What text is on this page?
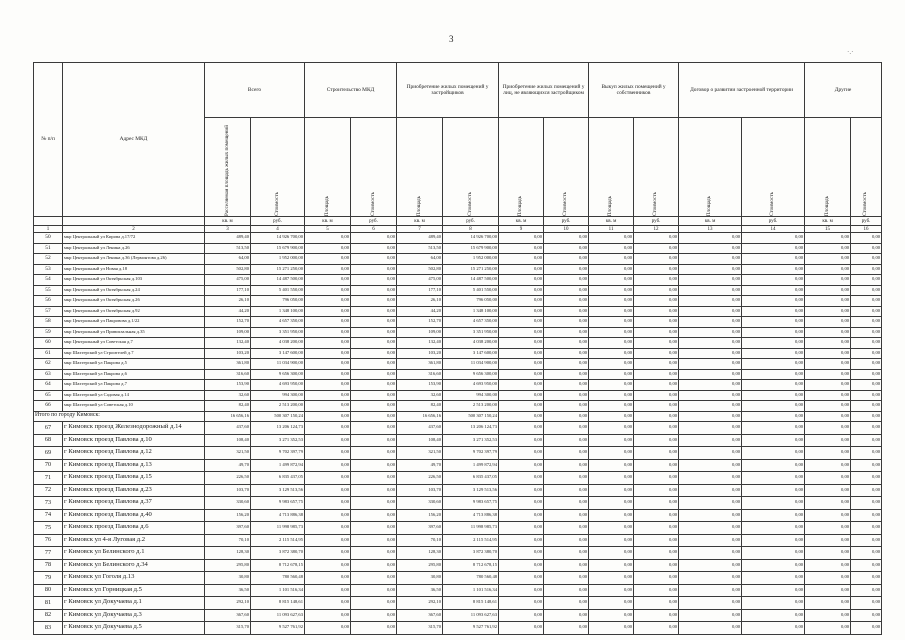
3
№ п/п	Адрес МКД	Всего		Строительство МКД		Приобретение жилых помещений у застройщиков		Приобретение жилых помещений у лиц, не являющихся застройщиком		Выкуп жилых помещений у собственников		Договор о развитии застроенной территории		Другие	

		Расселяемая площадь жилых помещений	Стоимость	Площадь	Стоимость	Площадь	Стоимость	Площадь	Стоимость	Площадь	Стоимость	Площадь	Стоимость	Площадь	Стоимость

		кв. м	руб.	кв. м	руб.	кв. м	руб.	кв. м	руб.	кв. м	руб.	кв. м	руб.	кв. м	руб.
1	2	3	4	5	6	7	8	9	10	11	12	13	14	15	16
50	мкр Центральный ул Кирова д.17/72	489,40	14 926 700,00	0,00	0,00	489,40	14 926 700,00	0,00	0,00	0,00	0,00	0,00	0,00	0,00	0,00
51	мкр Центральный ул Ленина д.26	513,50	15 679 900,00	0,00	0,00	513,50	15 679 900,00	0,00	0,00	0,00	0,00	0,00	0,00	0,00	0,00
52	мкр Центральный ул Ленина д.36 (Лермонтова д.26)	64,00	1 952 000,00	0,00	0,00	64,00	1 952 000,00	0,00	0,00	0,00	0,00	0,00	0,00	0,00	0,00
53	мкр Центральный ул Новая д.18	502,80	15 271 250,00	0,00	0,00	502,80	15 271 250,00	0,00	0,00	0,00	0,00	0,00	0,00	0,00	0,00
54	мкр Центральный ул Октябрьская д.103	475,00	14 487 500,00	0,00	0,00	475,00	14 487 500,00	0,00	0,00	0,00	0,00	0,00	0,00	0,00	0,00
55	мкр Центральный ул Октябрьская д.24	177,10	5 401 550,00	0,00	0,00	177,10	5 401 550,00	0,00	0,00	0,00	0,00	0,00	0,00	0,00	0,00
56	мкр Центральный ул Октябрьская д.26	26,10	796 050,00	0,00	0,00	26,10	796 050,00	0,00	0,00	0,00	0,00	0,00	0,00	0,00	0,00
57	мкр Центральный ул Октябрьская д.92	44,20	1 348 100,00	0,00	0,00	44,20	1 348 100,00	0,00	0,00	0,00	0,00	0,00	0,00	0,00	0,00
58	мкр Центральный ул Пакровова д.1/22	152,70	4 657 350,00	0,00	0,00	152,70	4 657 350,00	0,00	0,00	0,00	0,00	0,00	0,00	0,00	0,00
59	мкр Центральный ул Привокзальная д.35	109,00	3 351 950,00	0,00	0,00	109,00	3 351 950,00	0,00	0,00	0,00	0,00	0,00	0,00	0,00	0,00
60	мкр Центральный ул Советская д.7	132,40	4 038 200,00	0,00	0,00	132,40	4 038 200,00	0,00	0,00	0,00	0,00	0,00	0,00	0,00	0,00
61	мкр Шахтерский ул Строителей д.7	103,20	3 147 600,00	0,00	0,00	103,20	3 147 600,00	0,00	0,00	0,00	0,00	0,00	0,00	0,00	0,00
62	мкр Шахтерский ул Пакрова д.5	361,80	11 034 900,00	0,00	0,00	361,80	11 034 900,00	0,00	0,00	0,00	0,00	0,00	0,00	0,00	0,00
63	мкр Шахтерский ул Пакрова д.6	316,60	9 656 300,00	0,00	0,00	316,60	9 656 300,00	0,00	0,00	0,00	0,00	0,00	0,00	0,00	0,00
64	мкр Шахтерский ул Пакрова д.7	153,90	4 693 950,00	0,00	0,00	153,90	4 693 950,00	0,00	0,00	0,00	0,00	0,00	0,00	0,00	0,00
65	мкр Шахтерский ул Садовая д.14	32,60	994 300,00	0,00	0,00	32,60	994 300,00	0,00	0,00	0,00	0,00	0,00	0,00	0,00	0,00
66	мкр Шахтерский ул Советская д.10	82,40	2 513 200,00	0,00	0,00	82,40	2 513 200,00	0,00	0,00	0,00	0,00	0,00	0,00	0,00	0,00
Итого по городу Кимовск:		16 656,16	500 307 150,24	0,00	0,00	16 656,16	500 307 150,24	0,00	0,00	0,00	0,00	0,00	0,00	0,00	0,00
67	г Кимовск проезд Железнодорожный д.14	437,60	13 206 124,73	0,00	0,00	437,60	13 206 124,73	0,00	0,00	0,00	0,00	0,00	0,00	0,00	0,00
68	г Кимовск проезд Павлова д.10	108,40	3 271 352,53	0,00	0,00	108,40	3 271 352,53	0,00	0,00	0,00	0,00	0,00	0,00	0,00	0,00
69	г Кимовск проезд Павлова д.12	321,50	9 702 397,79	0,00	0,00	321,50	9 702 397,79	0,00	0,00	0,00	0,00	0,00	0,00	0,00	0,00
70	г Кимовск проезд Павлова д.13	49,70	1 499 872,94	0,00	0,00	49,70	1 499 872,94	0,00	0,00	0,00	0,00	0,00	0,00	0,00	0,00
71	г Кимовск проезд Павлова д.15	226,50	6 835 437,05	0,00	0,00	226,50	6 835 437,05	0,00	0,00	0,00	0,00	0,00	0,00	0,00	0,00
72	г Кимовск проезд Павлова д.23	103,70	3 129 513,56	0,00	0,00	103,70	3 129 513,56	0,00	0,00	0,00	0,00	0,00	0,00	0,00	0,00
73	г Кимовск проезд Павлова д.37	330,60	9 983 657,75	0,00	0,00	330,60	9 983 657,75	0,00	0,00	0,00	0,00	0,00	0,00	0,00	0,00
74	г Кимовск проезд Павлова д.40	156,20	4 713 886,38	0,00	0,00	156,20	4 713 886,38	0,00	0,00	0,00	0,00	0,00	0,00	0,00	0,00
75	г Кимовск проезд Павлова д.6	397,60	11 998 985,73	0,00	0,00	397,60	11 998 985,73	0,00	0,00	0,00	0,00	0,00	0,00	0,00	0,00
76	г Кимовск ул 4-я Луговая д.2	70,10	2 115 514,95	0,00	0,00	70,10	2 115 514,95	0,00	0,00	0,00	0,00	0,00	0,00	0,00	0,00
77	г Кимовск ул Белинского д.1	128,30	3 872 380,70	0,00	0,00	128,30	3 872 380,70	0,00	0,00	0,00	0,00	0,00	0,00	0,00	0,00
78	г Кимовск ул Белинского д.34	295,80	8 712 678,15	0,00	0,00	295,80	8 712 678,15	0,00	0,00	0,00	0,00	0,00	0,00	0,00	0,00
79	г Кимовск ул Гоголя д.13	30,80	780 560,48	0,00	0,00	30,80	780 560,48	0,00	0,00	0,00	0,00	0,00	0,00	0,00	0,00
80	г Кимовск ул Горницкая д.5	36,50	1 101 516,34	0,00	0,00	36,50	1 101 516,34	0,00	0,00	0,00	0,00	0,00	0,00	0,00	0,00
81	г Кимовск ул Докучаева д.1	292,10	8 815 148,61	0,00	0,00	292,10	8 815 148,61	0,00	0,00	0,00	0,00	0,00	0,00	0,00	0,00
82	г Кимовск ул Докучаева д.3	367,60	11 093 627,63	0,00	0,00	367,60	11 093 627,63	0,00	0,00	0,00	0,00	0,00	0,00	0,00	0,00
83	г Кимовск ул Докучаева д.5	315,70	9 527 761,92	0,00	0,00	315,70	9 527 761,92	0,00	0,00	0,00	0,00	0,00	0,00	0,00	0,00
·.·
